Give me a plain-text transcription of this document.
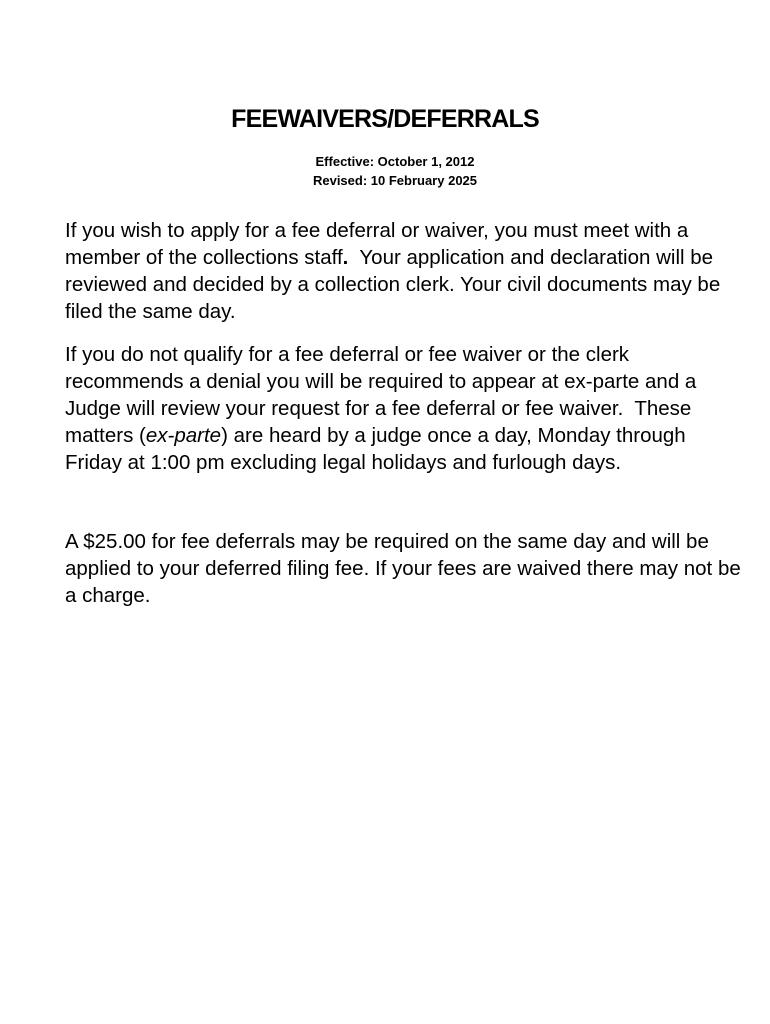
FEE WAIVERS/DEFERRALS
Effective: October 1, 2012
Revised: 10 February 2025

If you wish to apply for a fee deferral or waiver, you must meet with a member of the collections staff.  Your application and declaration will be reviewed and decided by a collection clerk. Your civil documents may be filed the same day.

If you do not qualify for a fee deferral or fee waiver or the clerk recommends a denial you will be required to appear at ex-parte and a Judge will review your request for a fee deferral or fee waiver.  These matters (ex-parte) are heard by a judge once a day, Monday through Friday at 1:00 pm excluding legal holidays and furlough days.

A $25.00 for fee deferrals may be required on the same day and will be applied to your deferred filing fee. If your fees are waived there may not be a charge.
